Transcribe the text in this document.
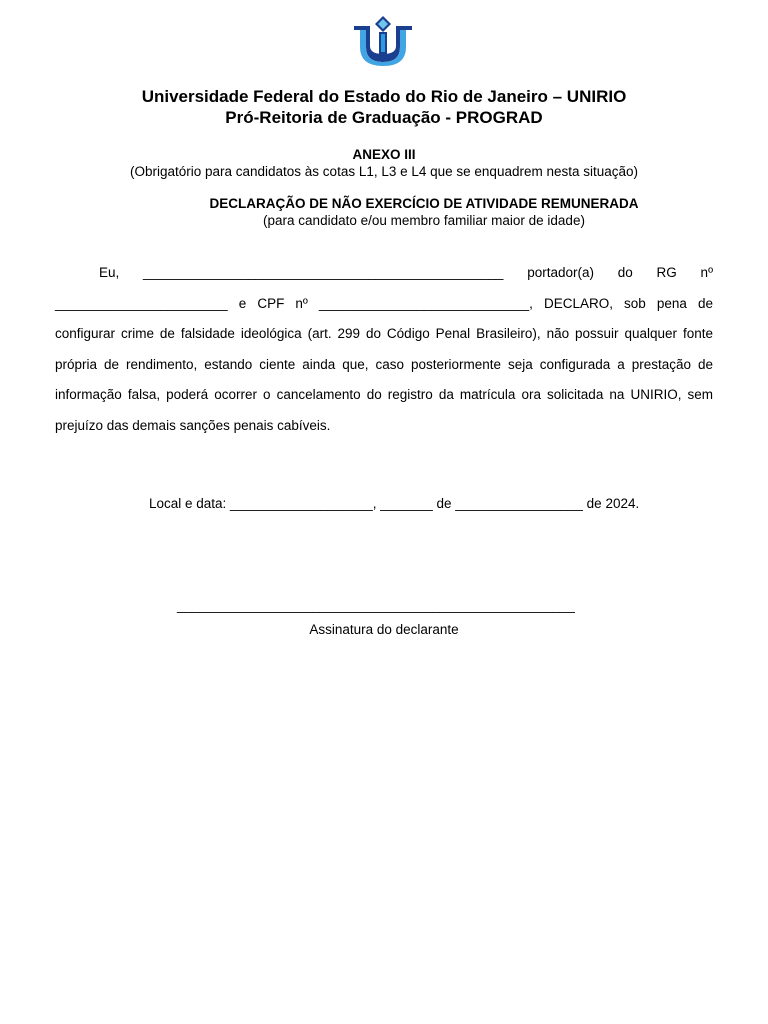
Universidade Federal do Estado do Rio de Janeiro – UNIRIO
Pró-Reitoria de Graduação - PROGRAD
ANEXO III
(Obrigatório para candidatos às cotas L1, L3 e L4 que se enquadrem nesta situação)
DECLARAÇÃO DE NÃO EXERCÍCIO DE ATIVIDADE REMUNERADA
(para candidato e/ou membro familiar maior de idade)

Eu, ________________________________________________ portador(a) do RG nº _______________________ e CPF nº ____________________________, DECLARO, sob pena de configurar crime de falsidade ideológica (art. 299 do Código Penal Brasileiro), não possuir qualquer fonte própria de rendimento, estando ciente ainda que, caso posteriormente seja configurada a prestação de informação falsa, poderá ocorrer o cancelamento do registro da matrícula ora solicitada na UNIRIO, sem prejuízo das demais sanções penais cabíveis.

Local e data: ___________________, _______ de _________________ de 2024.
_____________________________________________________
Assinatura do declarante
